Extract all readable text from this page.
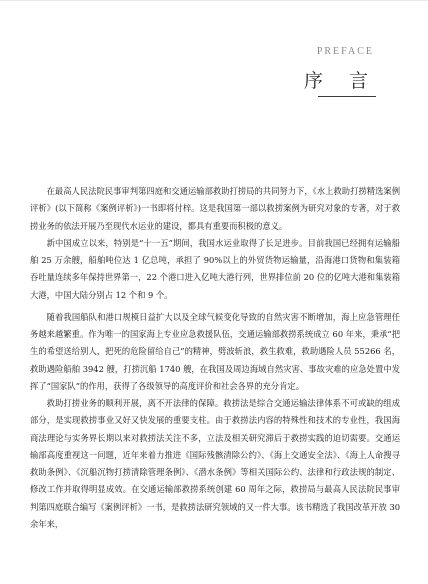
PREFACE
序 言

在最高人民法院民事审判第四庭和交通运输部救助打捞局的共同努力下，《水上救助打捞精选案例评析》(以下简称《案例评析》)一书即将付梓。这是我国第一部以救捞案例为研究对象的专著，对于救捞业务的依法开展乃至现代水运业的建设，都具有重要而积极的意义。

新中国成立以来，特别是“十一五”期间，我国水运业取得了长足进步。目前我国已经拥有运输船舶 25 万余艘，船舶吨位达 1 亿总吨，承担了 90%以上的外贸货物运输量，沿海港口货物和集装箱吞吐量连续多年保持世界第一，22 个港口进入亿吨大港行列，世界排位前 20 位的亿吨大港和集装箱大港，中国大陆分别占 12 个和 9 个。

随着我国船队和港口规模日益扩大以及全球气候变化导致的自然灾害不断增加，海上应急管理任务越来越繁重。作为唯一的国家海上专业应急救援队伍，交通运输部救捞系统成立 60 年来，秉承“把生的希望送给别人，把死的危险留给自己”的精神，劈波斩浪，救生救难，救助遇险人员 55266 名，救助遇险船舶 3942 艘，打捞沉船 1740 艘，在我国及周边海域自然灾害、事故灾难的应急处置中发挥了“国家队”的作用，获得了各级领导的高度评价和社会各界的充分肯定。

救助打捞业务的顺利开展，离不开法律的保障。救捞法是综合交通运输法律体系不可或缺的组成部分，是实现救捞事业又好又快发展的重要支柱。由于救捞法内容的特殊性和技术的专业性，我国海商法理论与实务界长期以来对救捞法关注不多，立法及相关研究滞后于救捞实践的迫切需要。交通运输部高度重视这一问题，近年来着力推进《国际残骸清除公约》、《海上交通安全法》、《海上人命搜寻救助条例》、《沉船沉物打捞清除管理条例》、《潜水条例》等相关国际公约、法律和行政法规的制定、修改工作并取得明显成效。在交通运输部救捞系统创建 60 周年之际，救捞局与最高人民法院民事审判第四庭联合编写《案例评析》一书，是救捞法研究领域的又一件大事。该书精选了我国改革开放 30 余年来，
